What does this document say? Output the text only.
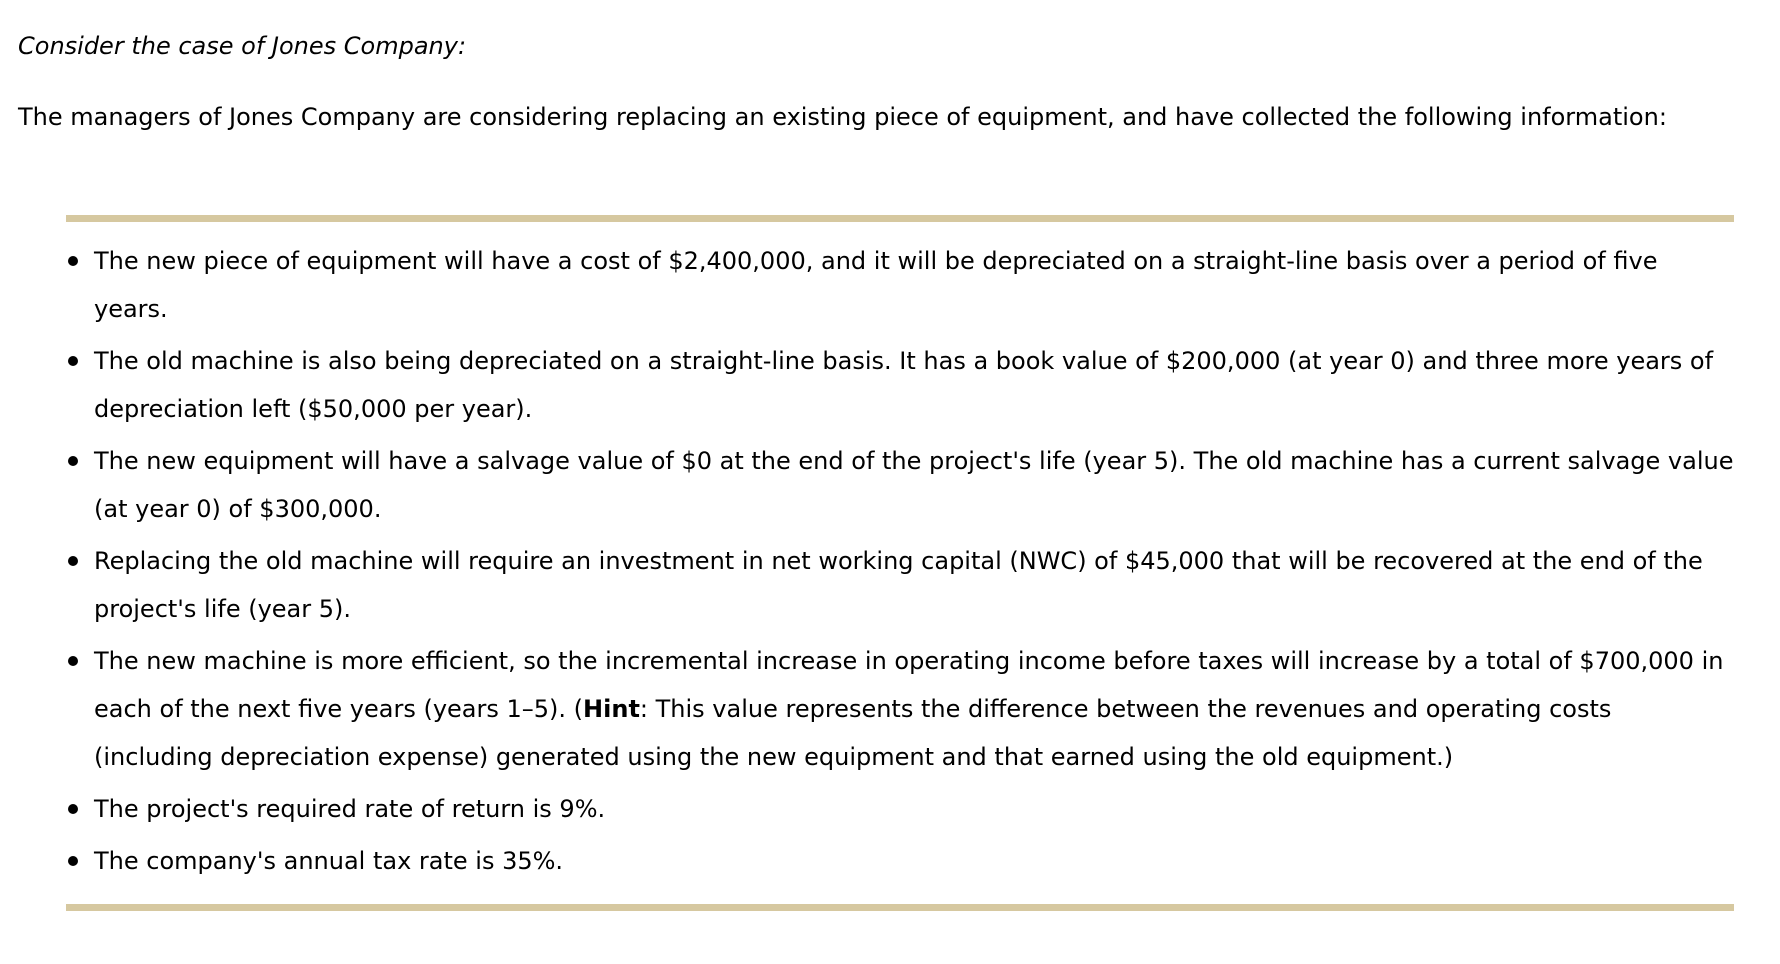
Consider the case of Jones Company:

The managers of Jones Company are considering replacing an existing piece of equipment, and have collected the following information:

The new piece of equipment will have a cost of $2,400,000, and it will be depreciated on a straight-line basis over a period of five years.
The old machine is also being depreciated on a straight-line basis. It has a book value of $200,000 (at year 0) and three more years of depreciation left ($50,000 per year).
The new equipment will have a salvage value of $0 at the end of the project's life (year 5). The old machine has a current salvage value (at year 0) of $300,000.
Replacing the old machine will require an investment in net working capital (NWC) of $45,000 that will be recovered at the end of the project's life (year 5).
The new machine is more efficient, so the incremental increase in operating income before taxes will increase by a total of $700,000 in each of the next five years (years 1–5). (Hint: This value represents the difference between the revenues and operating costs (including depreciation expense) generated using the new equipment and that earned using the old equipment.)
The project's required rate of return is 9%.
The company's annual tax rate is 35%.
